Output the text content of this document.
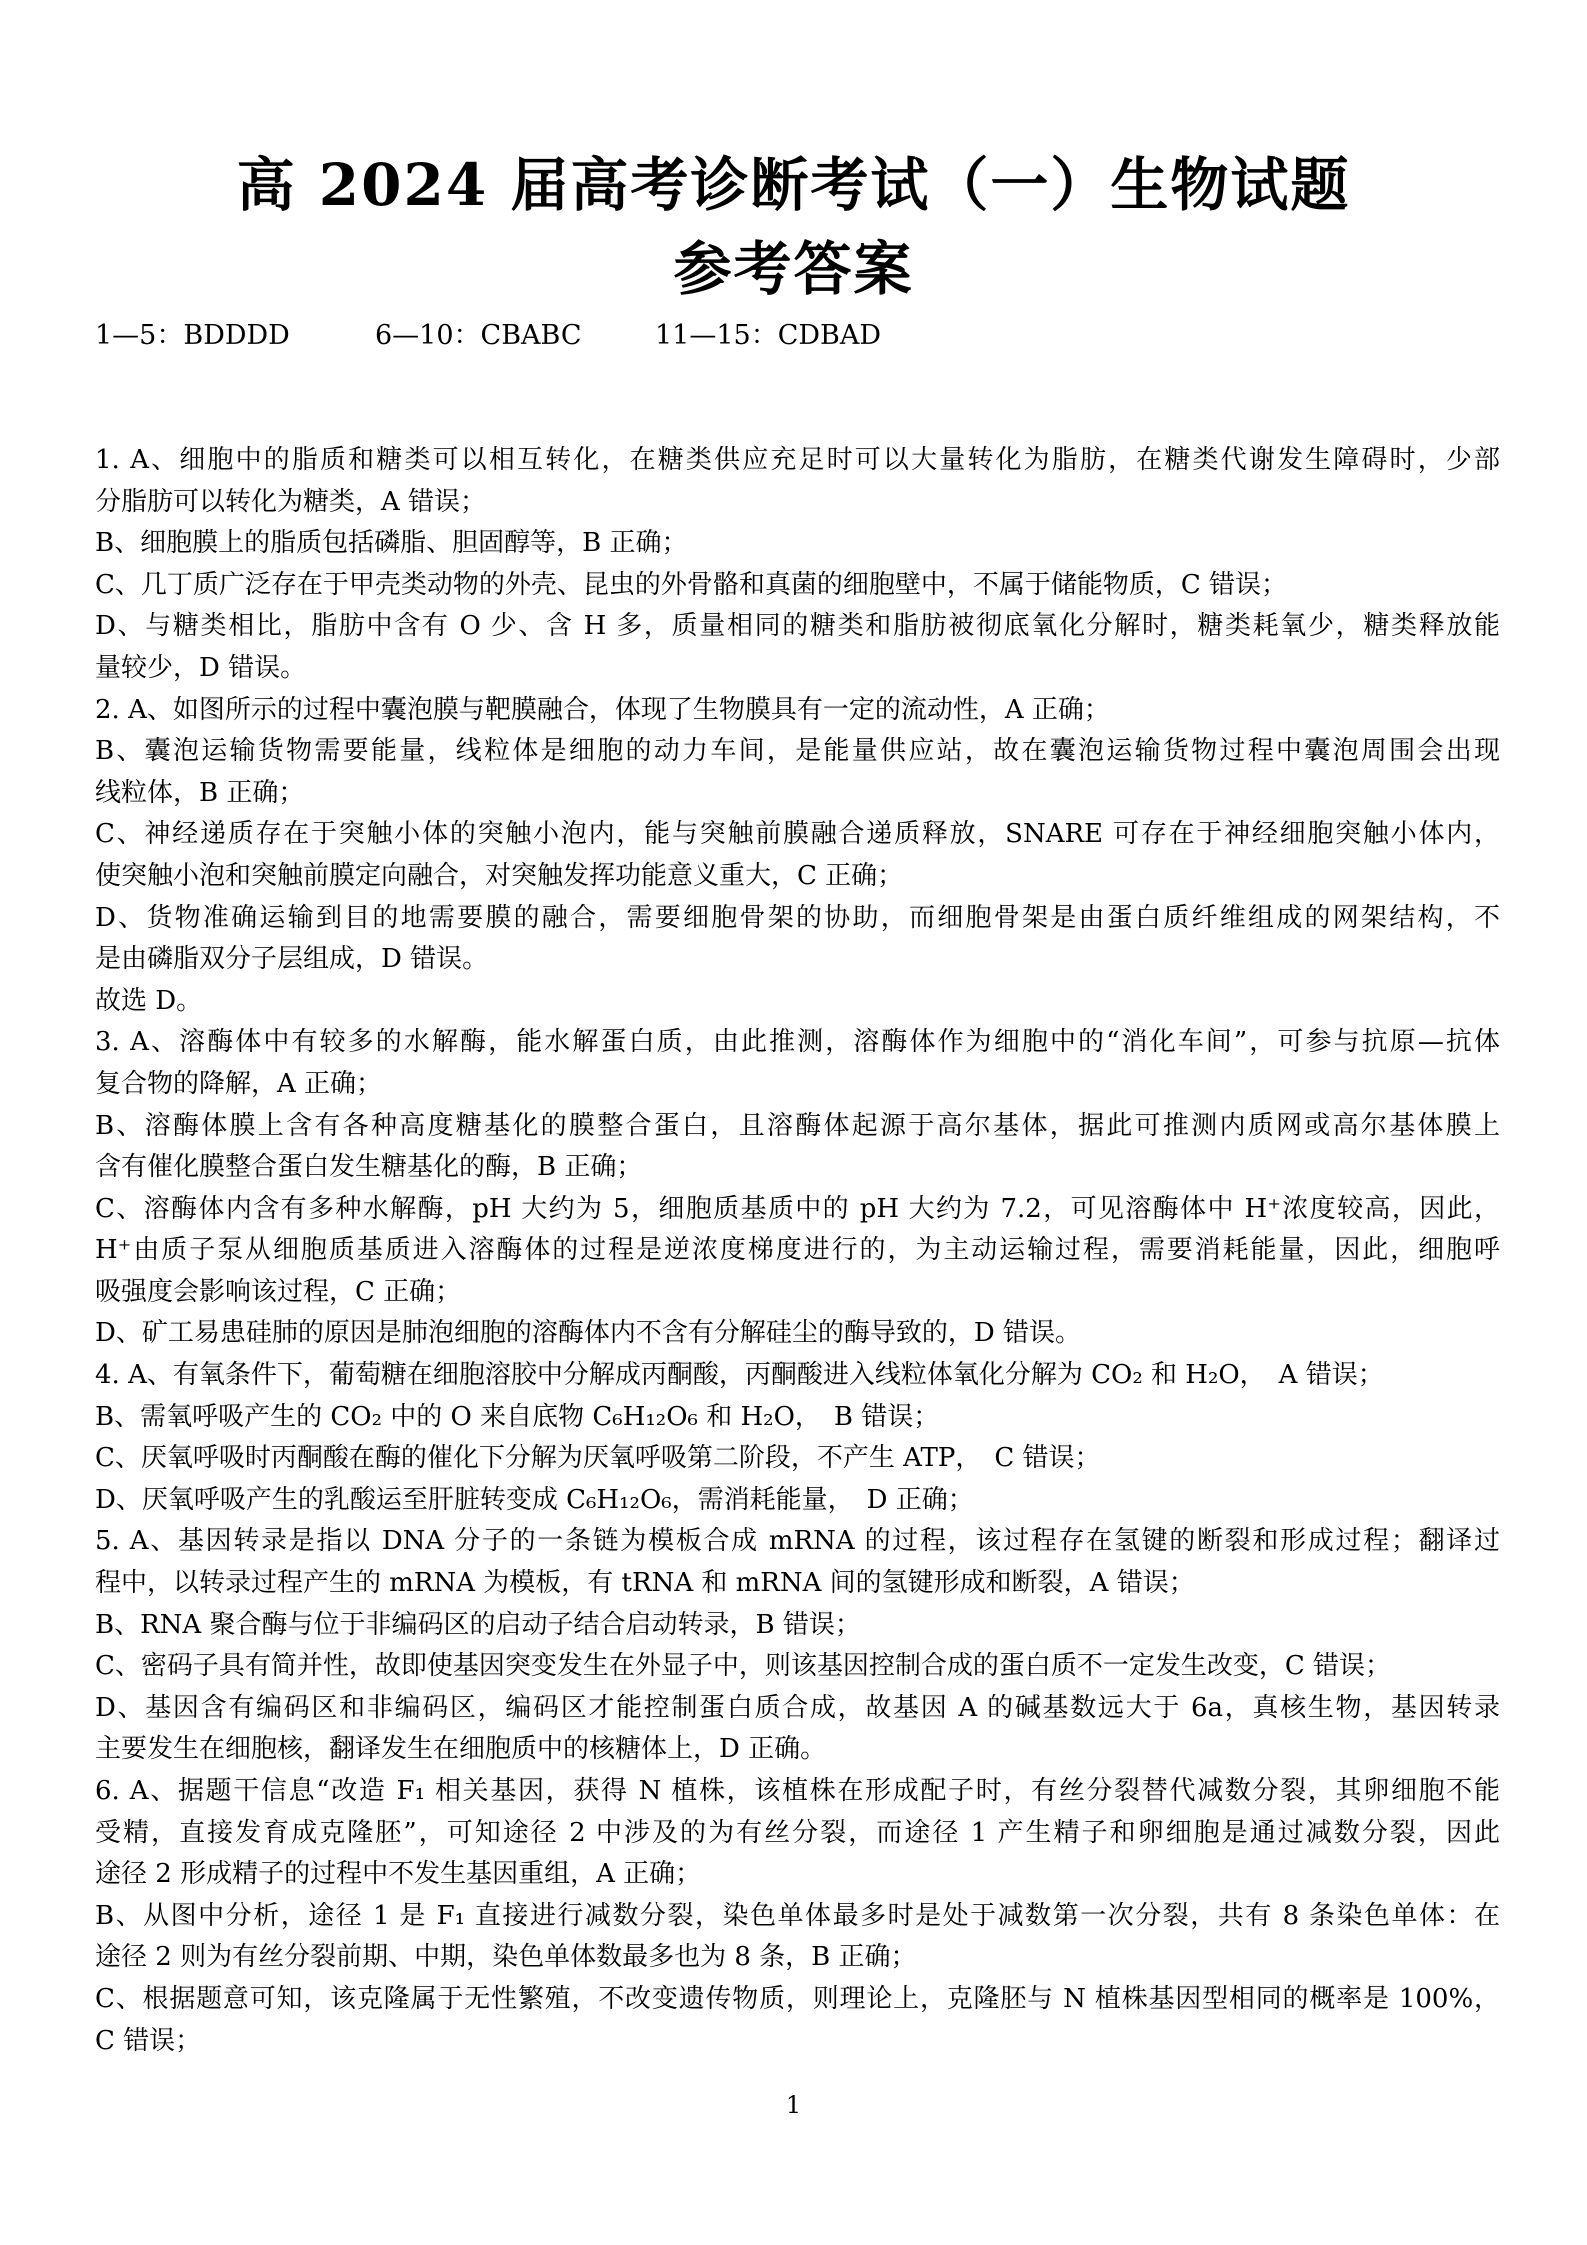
高 2024 届高考诊断考试（一）生物试题
参考答案
1—5：BDDDD	6—10：CBABC	11—15：CDBAD
1. A、细胞中的脂质和糖类可以相互转化，在糖类供应充足时可以大量转化为脂肪，在糖类代谢发生障碍时，少部
分脂肪可以转化为糖类，A 错误；
B、细胞膜上的脂质包括磷脂、胆固醇等，B 正确；
C、几丁质广泛存在于甲壳类动物的外壳、昆虫的外骨骼和真菌的细胞壁中，不属于储能物质，C 错误；
D、与糖类相比，脂肪中含有 O 少、含 H 多，质量相同的糖类和脂肪被彻底氧化分解时，糖类耗氧少，糖类释放能
量较少，D 错误。
2. A、如图所示的过程中囊泡膜与靶膜融合，体现了生物膜具有一定的流动性，A 正确；
B、囊泡运输货物需要能量，线粒体是细胞的动力车间，是能量供应站，故在囊泡运输货物过程中囊泡周围会出现
线粒体，B 正确；
C、神经递质存在于突触小体的突触小泡内，能与突触前膜融合递质释放，SNARE 可存在于神经细胞突触小体内，
使突触小泡和突触前膜定向融合，对突触发挥功能意义重大，C 正确；
D、货物准确运输到目的地需要膜的融合，需要细胞骨架的协助，而细胞骨架是由蛋白质纤维组成的网架结构，不
是由磷脂双分子层组成，D 错误。
故选 D。
3. A、溶酶体中有较多的水解酶，能水解蛋白质，由此推测，溶酶体作为细胞中的“消化车间”，可参与抗原—抗体
复合物的降解，A 正确；
B、溶酶体膜上含有各种高度糖基化的膜整合蛋白，且溶酶体起源于高尔基体，据此可推测内质网或高尔基体膜上
含有催化膜整合蛋白发生糖基化的酶，B 正确；
C、溶酶体内含有多种水解酶，pH 大约为 5，细胞质基质中的 pH 大约为 7.2，可见溶酶体中 H⁺浓度较高，因此，
H⁺由质子泵从细胞质基质进入溶酶体的过程是逆浓度梯度进行的，为主动运输过程，需要消耗能量，因此，细胞呼
吸强度会影响该过程，C 正确；
D、矿工易患硅肺的原因是肺泡细胞的溶酶体内不含有分解硅尘的酶导致的，D 错误。
4. A、有氧条件下，葡萄糖在细胞溶胶中分解成丙酮酸，丙酮酸进入线粒体氧化分解为 CO₂ 和 H₂O，　A 错误；
B、需氧呼吸产生的 CO₂ 中的 O 来自底物 C₆H₁₂O₆ 和 H₂O，　B 错误；
C、厌氧呼吸时丙酮酸在酶的催化下分解为厌氧呼吸第二阶段，不产生 ATP，　C 错误；
D、厌氧呼吸产生的乳酸运至肝脏转变成 C₆H₁₂O₆，需消耗能量，　D 正确；
5. A、基因转录是指以 DNA 分子的一条链为模板合成 mRNA 的过程，该过程存在氢键的断裂和形成过程；翻译过
程中，以转录过程产生的 mRNA 为模板，有 tRNA 和 mRNA 间的氢键形成和断裂，A 错误；
B、RNA 聚合酶与位于非编码区的启动子结合启动转录，B 错误；
C、密码子具有简并性，故即使基因突变发生在外显子中，则该基因控制合成的蛋白质不一定发生改变，C 错误；
D、基因含有编码区和非编码区，编码区才能控制蛋白质合成，故基因 A 的碱基数远大于 6a，真核生物，基因转录
主要发生在细胞核，翻译发生在细胞质中的核糖体上，D 正确。
6. A、据题干信息“改造 F₁ 相关基因，获得 N 植株，该植株在形成配子时，有丝分裂替代减数分裂，其卵细胞不能
受精，直接发育成克隆胚”，可知途径 2 中涉及的为有丝分裂，而途径 1 产生精子和卵细胞是通过减数分裂，因此
途径 2 形成精子的过程中不发生基因重组，A 正确；
B、从图中分析，途径 1 是 F₁ 直接进行减数分裂，染色单体最多时是处于减数第一次分裂，共有 8 条染色单体：在
途径 2 则为有丝分裂前期、中期，染色单体数最多也为 8 条，B 正确；
C、根据题意可知，该克隆属于无性繁殖，不改变遗传物质，则理论上，克隆胚与 N 植株基因型相同的概率是 100%，
C 错误；
1
